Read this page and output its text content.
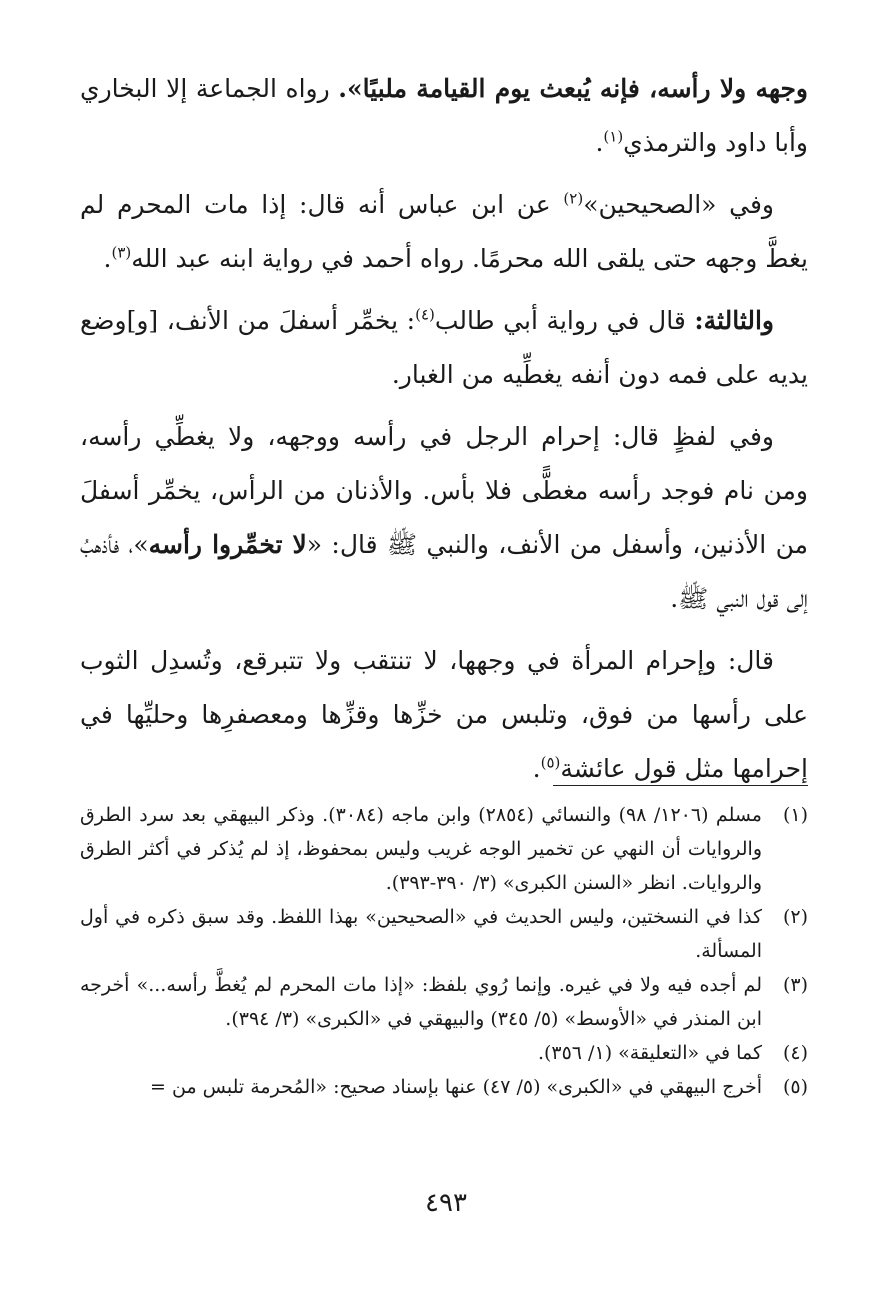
وجهه ولا رأسه، فإنه يُبعث يوم القيامة ملبيًا». رواه الجماعة إلا البخاري وأبا داود والترمذي$^{(١)}$.

وفي «الصحيحين»$^{(٢)}$ عن ابن عباس أنه قال: إذا مات المحرم لم يغطَّ وجهه حتى يلقى الله محرمًا. رواه أحمد في رواية ابنه عبد الله$^{(٣)}$.

والثالثة: قال في رواية أبي طالب$^{(٤)}$: يخمِّر أسفلَ من الأنف، [و]وضع يديه على فمه دون أنفه يغطِّيه من الغبار.

وفي لفظٍ قال: إحرام الرجل في رأسه ووجهه، ولا يغطِّي رأسه، ومن نام فوجد رأسه مغطًّى فلا بأس. والأذنان من الرأس، يخمِّر أسفلَ من الأذنين، وأسفل من الأنف، والنبي ﷺ قال: «لا تخمِّروا رأسه»، فأذهبُ إلى قول النبي ﷺ.

قال: وإحرام المرأة في وجهها، لا تنتقب ولا تتبرقع، وتُسدِل الثوب على رأسها من فوق، وتلبس من خزِّها وقزِّها ومعصفرِها وحليِّها في إحرامها مثل قول عائشة$^{(٥)}$.

(١)
مسلم (١٢٠٦/ ٩٨) والنسائي (٢٨٥٤) وابن ماجه (٣٠٨٤). وذكر البيهقي بعد سرد الطرق والروايات أن النهي عن تخمير الوجه غريب وليس بمحفوظ، إذ لم يُذكر في أكثر الطرق والروايات. انظر «السنن الكبرى» (٣/ ٣٩٠-٣٩٣).
(٢)
كذا في النسختين، وليس الحديث في «الصحيحين» بهذا اللفظ. وقد سبق ذكره في أول المسألة.
(٣)
لم أجده فيه ولا في غيره. وإنما رُوي بلفظ: «إذا مات المحرم لم يُغطَّ رأسه...» أخرجه ابن المنذر في «الأوسط» (٥/ ٣٤٥) والبيهقي في «الكبرى» (٣/ ٣٩٤).
(٤)
كما في «التعليقة» (١/ ٣٥٦).
(٥)
أخرج البيهقي في «الكبرى» (٥/ ٤٧) عنها بإسناد صحيح: «المُحرمة تلبس من =
٤٩٣
